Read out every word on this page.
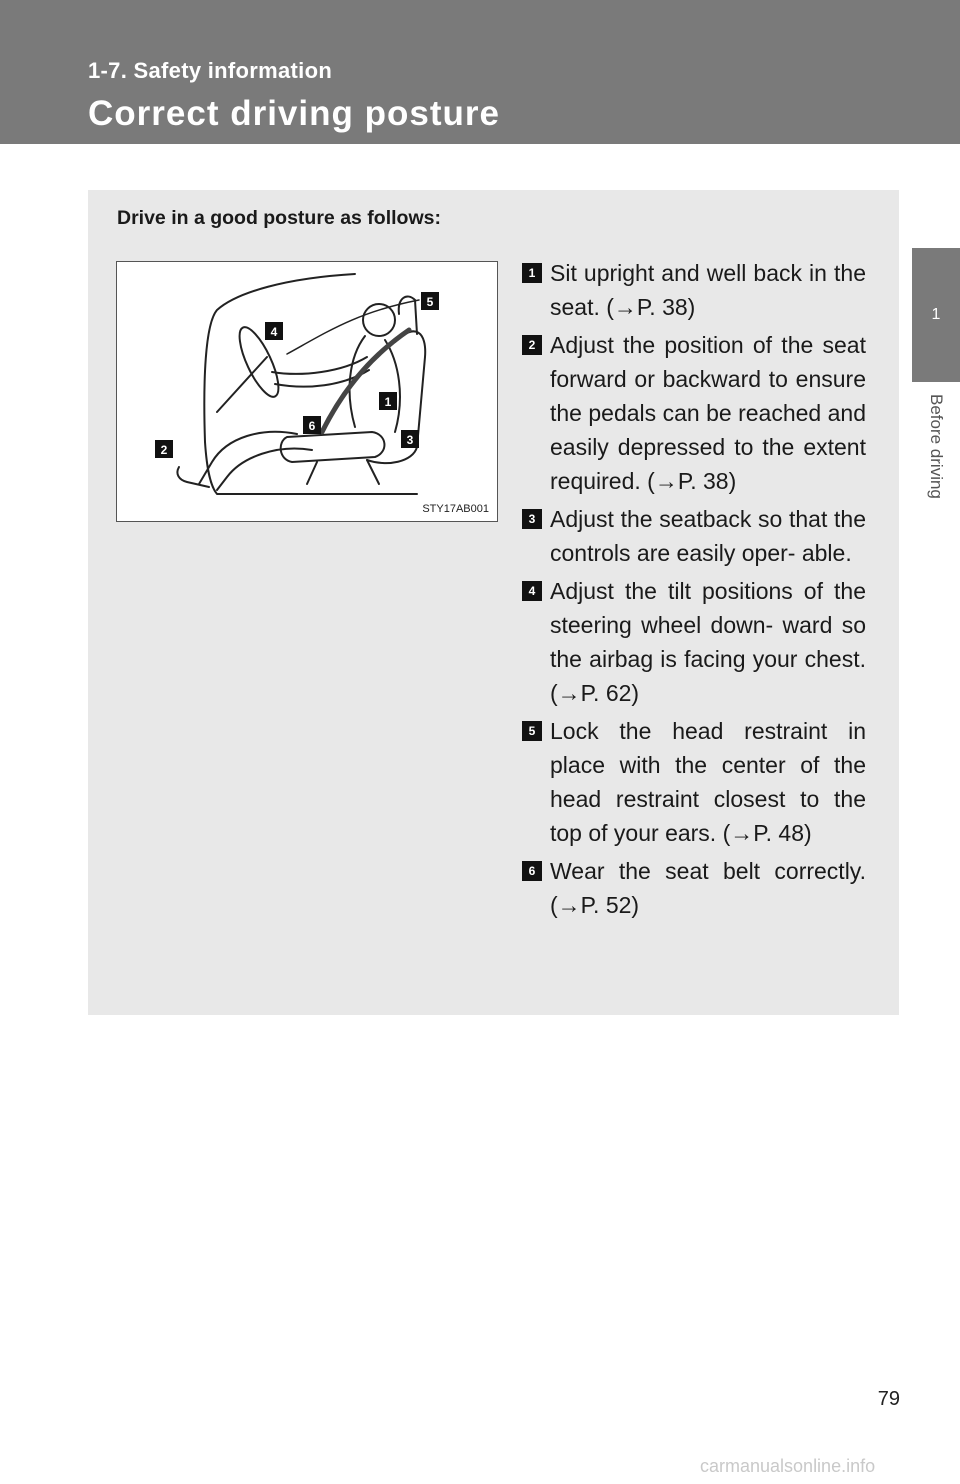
1-7. Safety information
Correct driving posture
1
Before driving
Drive in a good posture as follows:
1
2
3
4
5
6
STY17AB001
1 Sit upright and well back in the seat. (→P. 38)
2 Adjust the position of the seat forward or backward to ensure the pedals can be reached and easily depressed to the extent required. (→P. 38)
3 Adjust the seatback so that the controls are easily oper- able.
4 Adjust the tilt positions of the steering wheel down- ward so the airbag is facing your chest. (→P. 62)
5 Lock the head restraint in place with the center of the head restraint closest to the top of your ears. (→P. 48)
6 Wear the seat belt correctly. (→P. 52)
79
carmanualsonline.info
